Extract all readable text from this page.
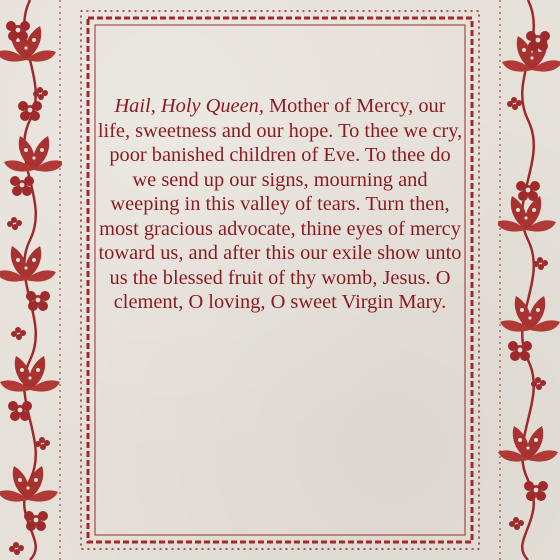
Hail, Holy Queen, Mother of Mercy, our life, sweetness and our hope. To thee we cry, poor banished children of Eve. To thee do we send up our signs, mourning and weeping in this valley of tears. Turn then, most gracious advocate, thine eyes of mercy toward us, and after this our exile show unto us the blessed fruit of thy womb, Jesus. O clement, O loving, O sweet Virgin Mary.
